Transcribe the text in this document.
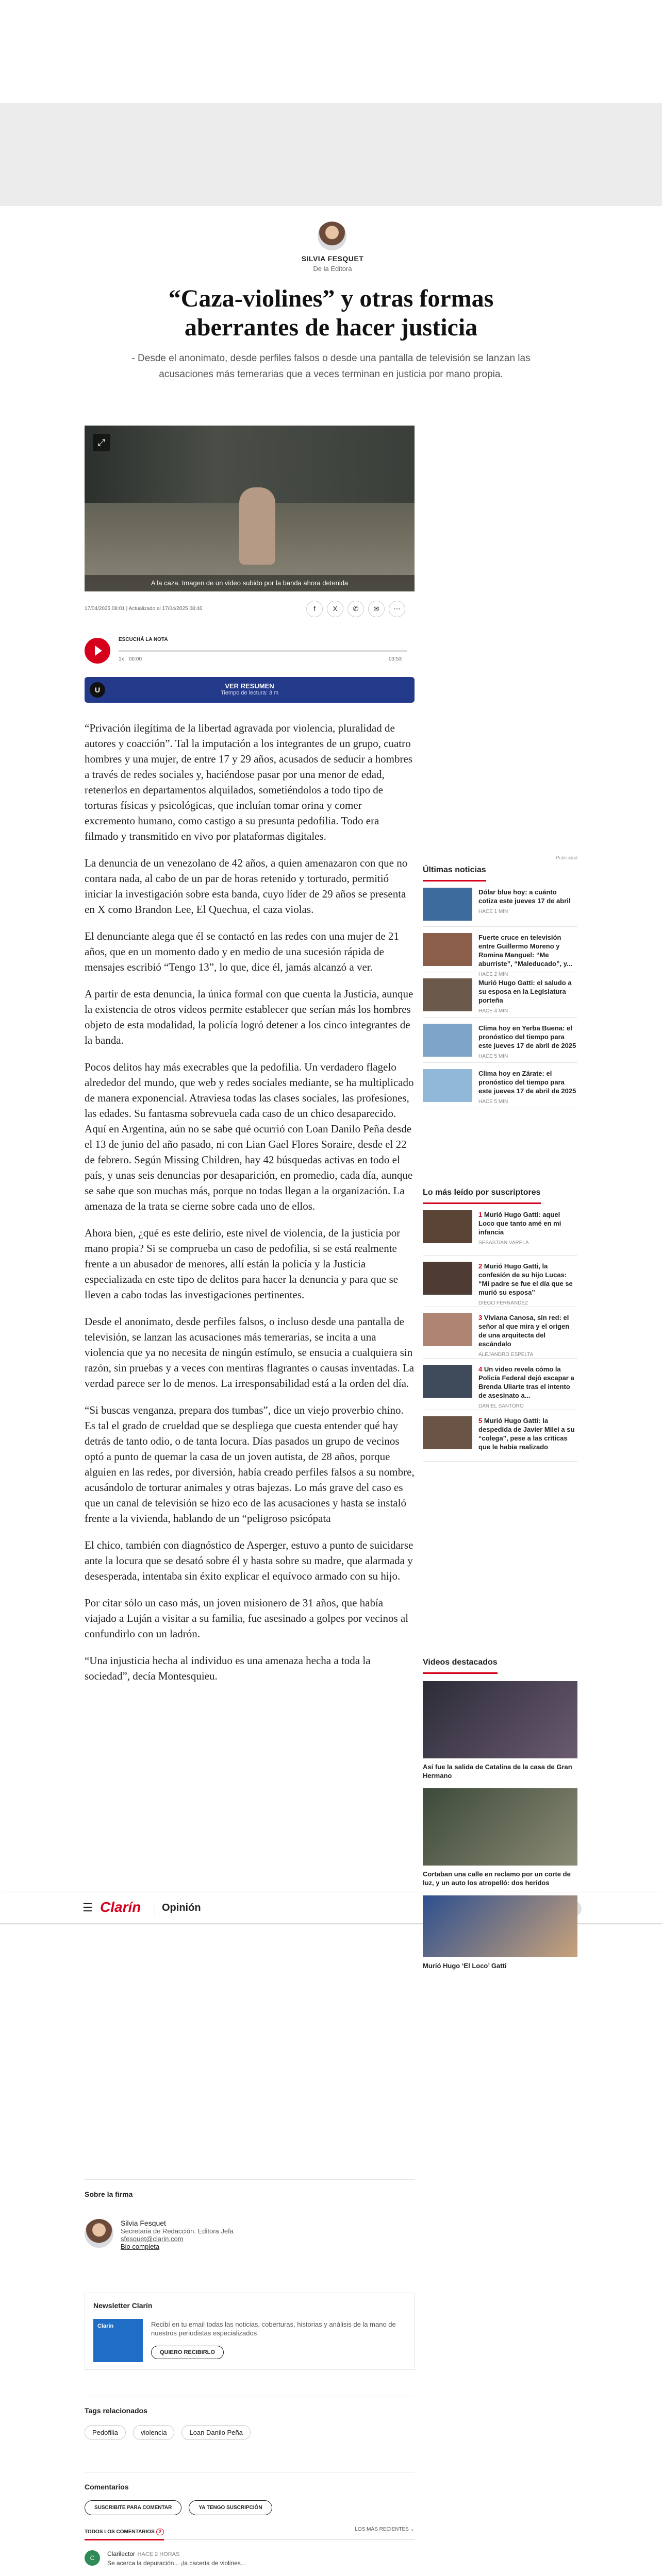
SILVIA FESQUET
De la Editora
“Caza-violines” y otras formas aberrantes de hacer justicia

- Desde el anonimato, desde perfiles falsos o desde una pantalla de televisión se lanzan las acusaciones más temerarias que a veces terminan en justicia por mano propia.

⤢
A la caza. Imagen de un video subido por la banda ahora detenida
17/04/2025 08:01 | Actualizado al 17/04/2025 08:46	f	X	✆	✉	⋯
ESCUCHÁ LA NOTA
1x 00:00	03:53
U	VER RESUMEN
Tiempo de lectura: 3 m

“Privación ilegítima de la libertad agravada por violencia, pluralidad de autores y coacción”. Tal la imputación a los integrantes de un grupo, cuatro hombres y una mujer, de entre 17 y 29 años, acusados de seducir a hombres a través de redes sociales y, haciéndose pasar por una menor de edad, retenerlos en departamentos alquilados, sometiéndolos a todo tipo de torturas físicas y psicológicas, que incluían tomar orina y comer excremento humano, como castigo a su presunta pedofilia. Todo era filmado y transmitido en vivo por plataformas digitales.

La denuncia de un venezolano de 42 años, a quien amenazaron con que no contara nada, al cabo de un par de horas retenido y torturado, permitió iniciar la investigación sobre esta banda, cuyo líder de 29 años se presenta en X como Brandon Lee, El Quechua, el caza violas.

El denunciante alega que él se contactó en las redes con una mujer de 21 años, que en un momento dado y en medio de una sucesión rápida de mensajes escribió “Tengo 13”, lo que, dice él, jamás alcanzó a ver.

A partir de esta denuncia, la única formal con que cuenta la Justicia, aunque la existencia de otros videos permite establecer que serían más los hombres objeto de esta modalidad, la policía logró detener a los cinco integrantes de la banda.

Pocos delitos hay más execrables que la pedofilia. Un verdadero flagelo alrededor del mundo, que web y redes sociales mediante, se ha multiplicado de manera exponencial. Atraviesa todas las clases sociales, las profesiones, las edades. Su fantasma sobrevuela cada caso de un chico desaparecido. Aquí en Argentina, aún no se sabe qué ocurrió con Loan Danilo Peña desde el 13 de junio del año pasado, ni con Lian Gael Flores Soraire, desde el 22 de febrero. Según Missing Children, hay 42 búsquedas activas en todo el país, y unas seis denuncias por desaparición, en promedio, cada día, aunque se sabe que son muchas más, porque no todas llegan a la organización. La amenaza de la trata se cierne sobre cada uno de ellos.

Ahora bien, ¿qué es este delirio, este nivel de violencia, de la justicia por mano propia? Si se comprueba un caso de pedofilia, si se está realmente frente a un abusador de menores, allí están la policía y la Justicia especializada en este tipo de delitos para hacer la denuncia y para que se lleven a cabo todas las investigaciones pertinentes.

Desde el anonimato, desde perfiles falsos, o incluso desde una pantalla de televisión, se lanzan las acusaciones más temerarias, se incita a una violencia que ya no necesita de ningún estímulo, se ensucia a cualquiera sin razón, sin pruebas y a veces con mentiras flagrantes o causas inventadas. La verdad parece ser lo de menos. La irresponsabilidad está a la orden del día.

“Si buscas venganza, prepara dos tumbas”, dice un viejo proverbio chino. Es tal el grado de crueldad que se despliega que cuesta entender qué hay detrás de tanto odio, o de tanta locura. Días pasados un grupo de vecinos optó a punto de quemar la casa de un joven autista, de 28 años, porque alguien en las redes, por diversión, había creado perfiles falsos a su nombre, acusándolo de torturar animales y otras bajezas. Lo más grave del caso es que un canal de televisión se hizo eco de las acusaciones y hasta se instaló frente a la vivienda, hablando de un “peligroso psicópata

El chico, también con diagnóstico de Asperger, estuvo a punto de suicidarse ante la locura que se desató sobre él y hasta sobre su madre, que alarmada y desesperada, intentaba sin éxito explicar el equívoco armado con su hijo.

Por citar sólo un caso más, un joven misionero de 31 años, que había viajado a Luján a visitar a su familia, fue asesinado a golpes por vecinos al confundirlo con un ladrón.

“Una injusticia hecha al individuo es una amenaza hecha a toda la sociedad”, decía Montesquieu.

☰ Clarín Opinión
Publicidad
Últimas noticias
Dólar blue hoy: a cuánto cotiza este jueves 17 de abril
HACE 1 MIN
Fuerte cruce en televisión entre Guillermo Moreno y Romina Manguel: “Me aburriste”, “Maleducado”, y...
HACE 2 MIN
Murió Hugo Gatti: el saludo a su esposa en la Legislatura porteña
HACE 4 MIN
Clima hoy en Yerba Buena: el pronóstico del tiempo para este jueves 17 de abril de 2025
HACE 5 MIN
Clima hoy en Zárate: el pronóstico del tiempo para este jueves 17 de abril de 2025
HACE 5 MIN
Lo más leído por suscriptores
1 Murió Hugo Gatti: aquel Loco que tanto amé en mi infancia
SEBASTIÁN VARELA
2 Murió Hugo Gatti, la confesión de su hijo Lucas: “Mi padre se fue el día que se murió su esposa”
DIEGO FERNÁNDEZ
3 Viviana Canosa, sin red: el señor al que mira y el origen de una arquitecta del escándalo
ALEJANDRO ESPELTA
4 Un video revela cómo la Policía Federal dejó escapar a Brenda Uliarte tras el intento de asesinato a...
DANIEL SANTORO
5 Murió Hugo Gatti: la despedida de Javier Milei a su “colega”, pese a las críticas que le había realizado
Videos destacados
Así fue la salida de Catalina de la casa de Gran Hermano
Cortaban una calle en reclamo por un corte de luz, y un auto los atropelló: dos heridos
Murió Hugo ‘El Loco’ Gatti
Sobre la firma
Silvia Fesquet
Secretaria de Redacción. Editora Jefa
sfesquet@clarin.com
Bio completa
Newsletter Clarín
Clarín	Recibí en tu email todas las noticias, coberturas, historias y análisis de la mano de nuestros periodistas especializados
QUIERO RECIBIRLO
Tags relacionados
Pedofilia	violencia	Loan Danilo Peña
Comentarios
SUSCRIBITE PARA COMENTAR	YA TENGO SUSCRIPCIÓN
TODOS LOS COMENTARIOS 2	LOS MÁS RECIENTES ⌄
C
Clarilector HACE 2 HORAS
Se acerca la depuración... ¡la cacería de violines...
